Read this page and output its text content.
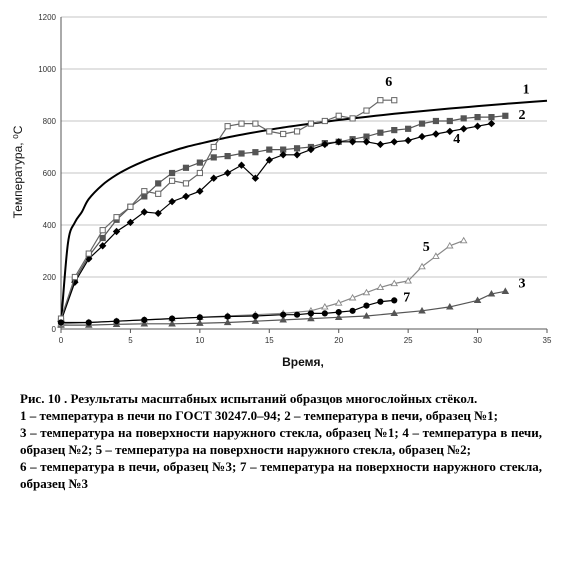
0
200
400
600
800
1000
1200
0	5	10	15	20	25	30	35
1
2
3
4
5
6
7
Время,
Температура, ⁰С

Рис. 10 . Результаты масштабных испытаний образцов многослойных стёкол.

1 – температура в печи по ГОСТ 30247.0–94; 2 – температура в печи, образец №1;

3 – температура на поверхности наружного стекла, образец №1; 4 – температура в печи, образец №2; 5 – температура на поверхности наружного стекла, образец №2;

6 – температура в печи, образец №3; 7 – температура на поверхности наружного стекла, образец №3
